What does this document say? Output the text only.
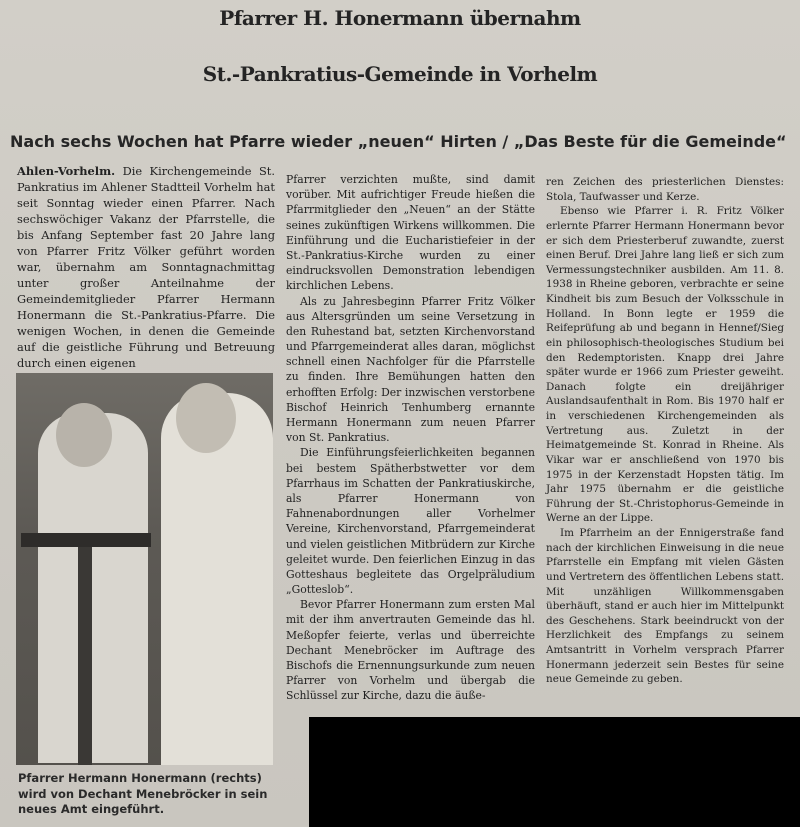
Pfarrer H. Honermann übernahm
St.-Pankratius-Gemeinde in Vorhelm
Nach sechs Wochen hat Pfarre wieder „neuen“ Hirten / „Das Beste für die Gemeinde“

Ahlen-Vorhelm. Die Kirchengemeinde St. Pankratius im Ahlener Stadtteil Vorhelm hat seit Sonntag wieder einen Pfarrer. Nach sechswöchiger Vakanz der Pfarrstelle, die bis Anfang September fast 20 Jahre lang von Pfarrer Fritz Völker geführt worden war, übernahm am Sonntagnachmittag unter großer Anteilnahme der Gemeindemitglieder Pfarrer Hermann Honermann die St.-Pankratius-Pfarre. Die wenigen Wochen, in denen die Gemeinde auf die geistliche Führung und Betreuung durch einen eigenen

Pfarrer Hermann Honermann (rechts) wird von Dechant Menebröcker in sein neues Amt eingeführt.

Pfarrer verzichten mußte, sind damit vorüber. Mit aufrichtiger Freude hießen die Pfarrmitglieder den „Neuen“ an der Stätte seines zukünftigen Wirkens willkommen. Die Einführung und die Eucharistiefeier in der St.-Pankratius-Kirche wurden zu einer eindrucksvollen Demonstration lebendigen kirchlichen Lebens.

Als zu Jahresbeginn Pfarrer Fritz Völker aus Altersgründen um seine Versetzung in den Ruhestand bat, setzten Kirchenvorstand und Pfarrgemeinderat alles daran, möglichst schnell einen Nachfolger für die Pfarrstelle zu finden. Ihre Bemühungen hatten den erhofften Erfolg: Der inzwischen verstorbene Bischof Heinrich Tenhumberg ernannte Hermann Honermann zum neuen Pfarrer von St. Pankratius.

Die Einführungsfeierlichkeiten begannen bei bestem Spätherbstwetter vor dem Pfarrhaus im Schatten der Pankratiuskirche, als Pfarrer Honermann von Fahnenabordnungen aller Vorhelmer Vereine, Kirchenvorstand, Pfarrgemeinderat und vielen geistlichen Mitbrüdern zur Kirche geleitet wurde. Den feierlichen Einzug in das Gotteshaus begleitete das Orgelpräludium „Gotteslob“.

Bevor Pfarrer Honermann zum ersten Mal mit der ihm anvertrauten Gemeinde das hl. Meßopfer feierte, verlas und überreichte Dechant Menebröcker im Auftrage des Bischofs die Ernennungsurkunde zum neuen Pfarrer von Vorhelm und übergab die Schlüssel zur Kirche, dazu die äuße-

ren Zeichen des priesterlichen Dienstes: Stola, Taufwasser und Kerze.

Ebenso wie Pfarrer i. R. Fritz Völker erlernte Pfarrer Hermann Honermann bevor er sich dem Priesterberuf zuwandte, zuerst einen Beruf. Drei Jahre lang ließ er sich zum Vermessungstechniker ausbilden. Am 11. 8. 1938 in Rheine geboren, verbrachte er seine Kindheit bis zum Besuch der Volksschule in Holland. In Bonn legte er 1959 die Reifeprüfung ab und begann in Hennef/Sieg ein philosophisch-theologisches Studium bei den Redemptoristen. Knapp drei Jahre später wurde er 1966 zum Priester geweiht. Danach folgte ein dreijähriger Auslandsaufenthalt in Rom. Bis 1970 half er in verschiedenen Kirchengemeinden als Vertretung aus. Zuletzt in der Heimatgemeinde St. Konrad in Rheine. Als Vikar war er anschließend von 1970 bis 1975 in der Kerzenstadt Hopsten tätig. Im Jahr 1975 übernahm er die geistliche Führung der St.-Christophorus-Gemeinde in Werne an der Lippe.

Im Pfarrheim an der Ennigerstraße fand nach der kirchlichen Einweisung in die neue Pfarrstelle ein Empfang mit vielen Gästen und Vertretern des öffentlichen Lebens statt. Mit unzähligen Willkommensgaben überhäuft, stand er auch hier im Mittelpunkt des Geschehens. Stark beeindruckt von der Herzlichkeit des Empfangs zu seinem Amtsantritt in Vorhelm versprach Pfarrer Honermann jederzeit sein Bestes für seine neue Gemeinde zu geben.
